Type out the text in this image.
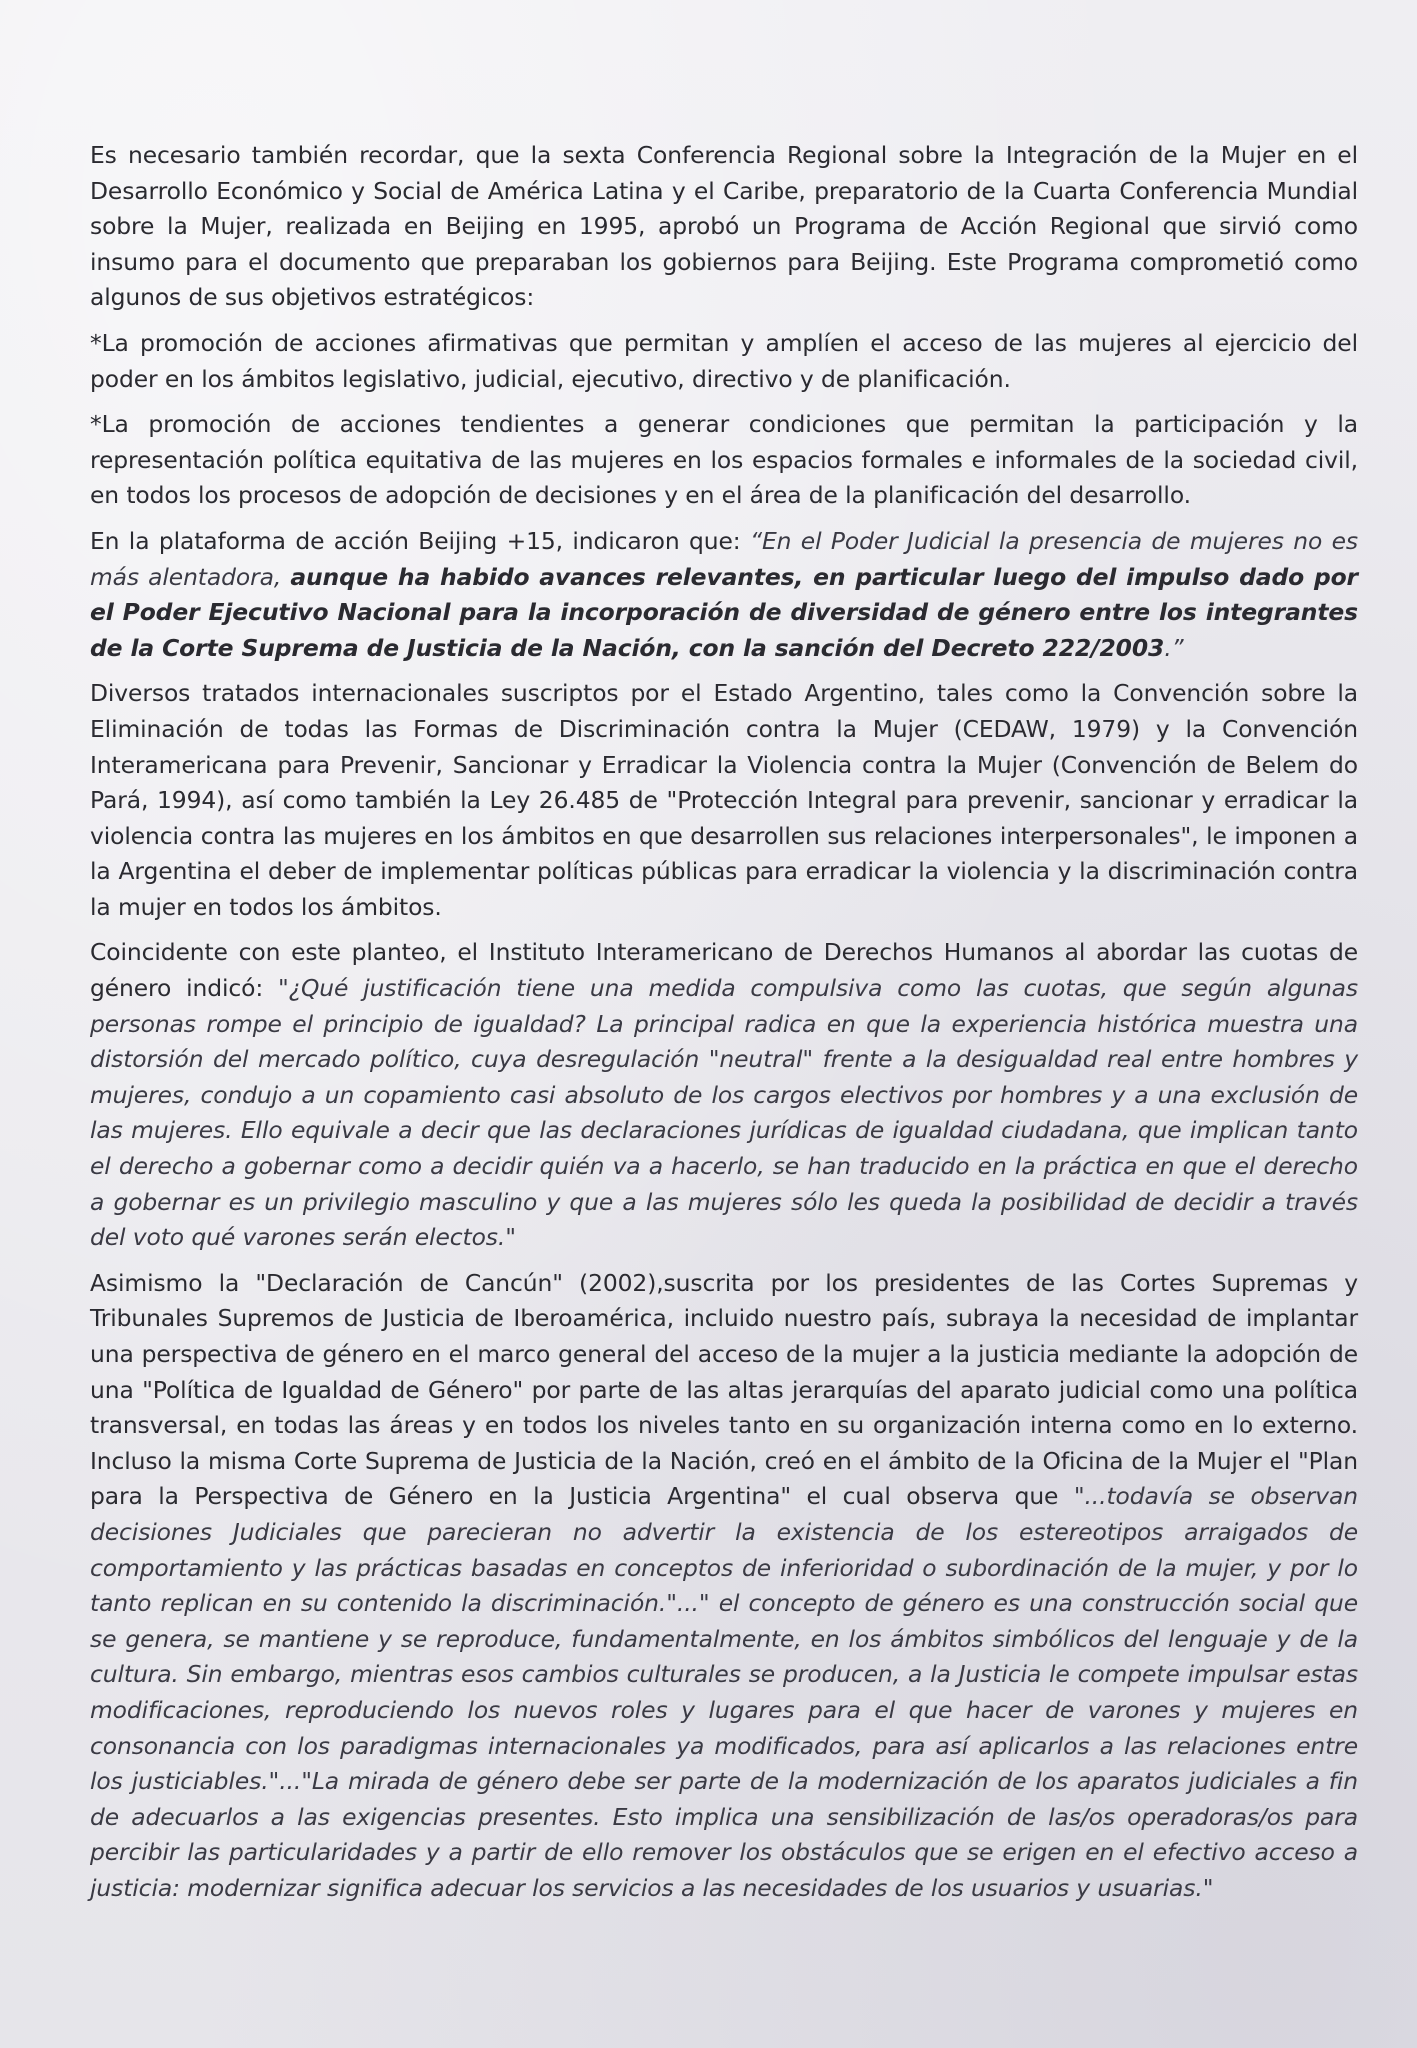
Es necesario también recordar, que la sexta Conferencia Regional sobre la Integración de la Mujer en el Desarrollo Económico y Social de América Latina y el Caribe, preparatorio de la Cuarta Conferencia Mundial sobre la Mujer, realizada en Beijing en 1995, aprobó un Programa de Acción Regional que sirvió como insumo para el documento que preparaban los gobiernos para Beijing. Este Programa comprometió como algunos de sus objetivos estratégicos:

*La promoción de acciones afirmativas que permitan y amplíen el acceso de las mujeres al ejercicio del poder en los ámbitos legislativo, judicial, ejecutivo, directivo y de planificación.

*La promoción de acciones tendientes a generar condiciones que permitan la participación y la representación política equitativa de las mujeres en los espacios formales e informales de la sociedad civil, en todos los procesos de adopción de decisiones y en el área de la planificación del desarrollo.

En la plataforma de acción Beijing +15, indicaron que: “En el Poder Judicial la presencia de mujeres no es más alentadora, aunque ha habido avances relevantes, en particular luego del impulso dado por el Poder Ejecutivo Nacional para la incorporación de diversidad de género entre los integrantes de la Corte Suprema de Justicia de la Nación, con la sanción del Decreto 222/2003.”

Diversos tratados internacionales suscriptos por el Estado Argentino, tales como la Convención sobre la Eliminación de todas las Formas de Discriminación contra la Mujer (CEDAW, 1979) y la Convención Interamericana para Prevenir, Sancionar y Erradicar la Violencia contra la Mujer (Convención de Belem do Pará, 1994), así como también la Ley 26.485 de "Protección Integral para prevenir, sancionar y erradicar la violencia contra las mujeres en los ámbitos en que desarrollen sus relaciones interpersonales", le imponen a la Argentina el deber de implementar políticas públicas para erradicar la violencia y la discriminación contra la mujer en todos los ámbitos.

Coincidente con este planteo, el Instituto Interamericano de Derechos Humanos al abordar las cuotas de género indicó: "¿Qué justificación tiene una medida compulsiva como las cuotas, que según algunas personas rompe el principio de igualdad? La principal radica en que la experiencia histórica muestra una distorsión del mercado político, cuya desregulación "neutral" frente a la desigualdad real entre hombres y mujeres, condujo a un copamiento casi absoluto de los cargos electivos por hombres y a una exclusión de las mujeres. Ello equivale a decir que las declaraciones jurídicas de igualdad ciudadana, que implican tanto el derecho a gobernar como a decidir quién va a hacerlo, se han traducido en la práctica en que el derecho a gobernar es un privilegio masculino y que a las mujeres sólo les queda la posibilidad de decidir a través del voto qué varones serán electos."

Asimismo la "Declaración de Cancún" (2002),suscrita por los presidentes de las Cortes Supremas y Tribunales Supremos de Justicia de Iberoamérica, incluido nuestro país, subraya la necesidad de implantar una perspectiva de género en el marco general del acceso de la mujer a la justicia mediante la adopción de una "Política de Igualdad de Género" por parte de las altas jerarquías del aparato judicial como una política transversal, en todas las áreas y en todos los niveles tanto en su organización interna como en lo externo. Incluso la misma Corte Suprema de Justicia de la Nación, creó en el ámbito de la Oficina de la Mujer el "Plan para la Perspectiva de Género en la Justicia Argentina" el cual observa que "...todavía se observan decisiones Judiciales que parecieran no advertir la existencia de los estereotipos arraigados de comportamiento y las prácticas basadas en conceptos de inferioridad o subordinación de la mujer, y por lo tanto replican en su contenido la discriminación."..." el concepto de género es una construcción social que se genera, se mantiene y se reproduce, fundamentalmente, en los ámbitos simbólicos del lenguaje y de la cultura. Sin embargo, mientras esos cambios culturales se producen, a la Justicia le compete impulsar estas modificaciones, reproduciendo los nuevos roles y lugares para el que hacer de varones y mujeres en consonancia con los paradigmas internacionales ya modificados, para así aplicarlos a las relaciones entre los justiciables."..."La mirada de género debe ser parte de la modernización de los aparatos judiciales a fin de adecuarlos a las exigencias presentes. Esto implica una sensibilización de las/os operadoras/os para percibir las particularidades y a partir de ello remover los obstáculos que se erigen en el efectivo acceso a justicia: modernizar significa adecuar los servicios a las necesidades de los usuarios y usuarias."
